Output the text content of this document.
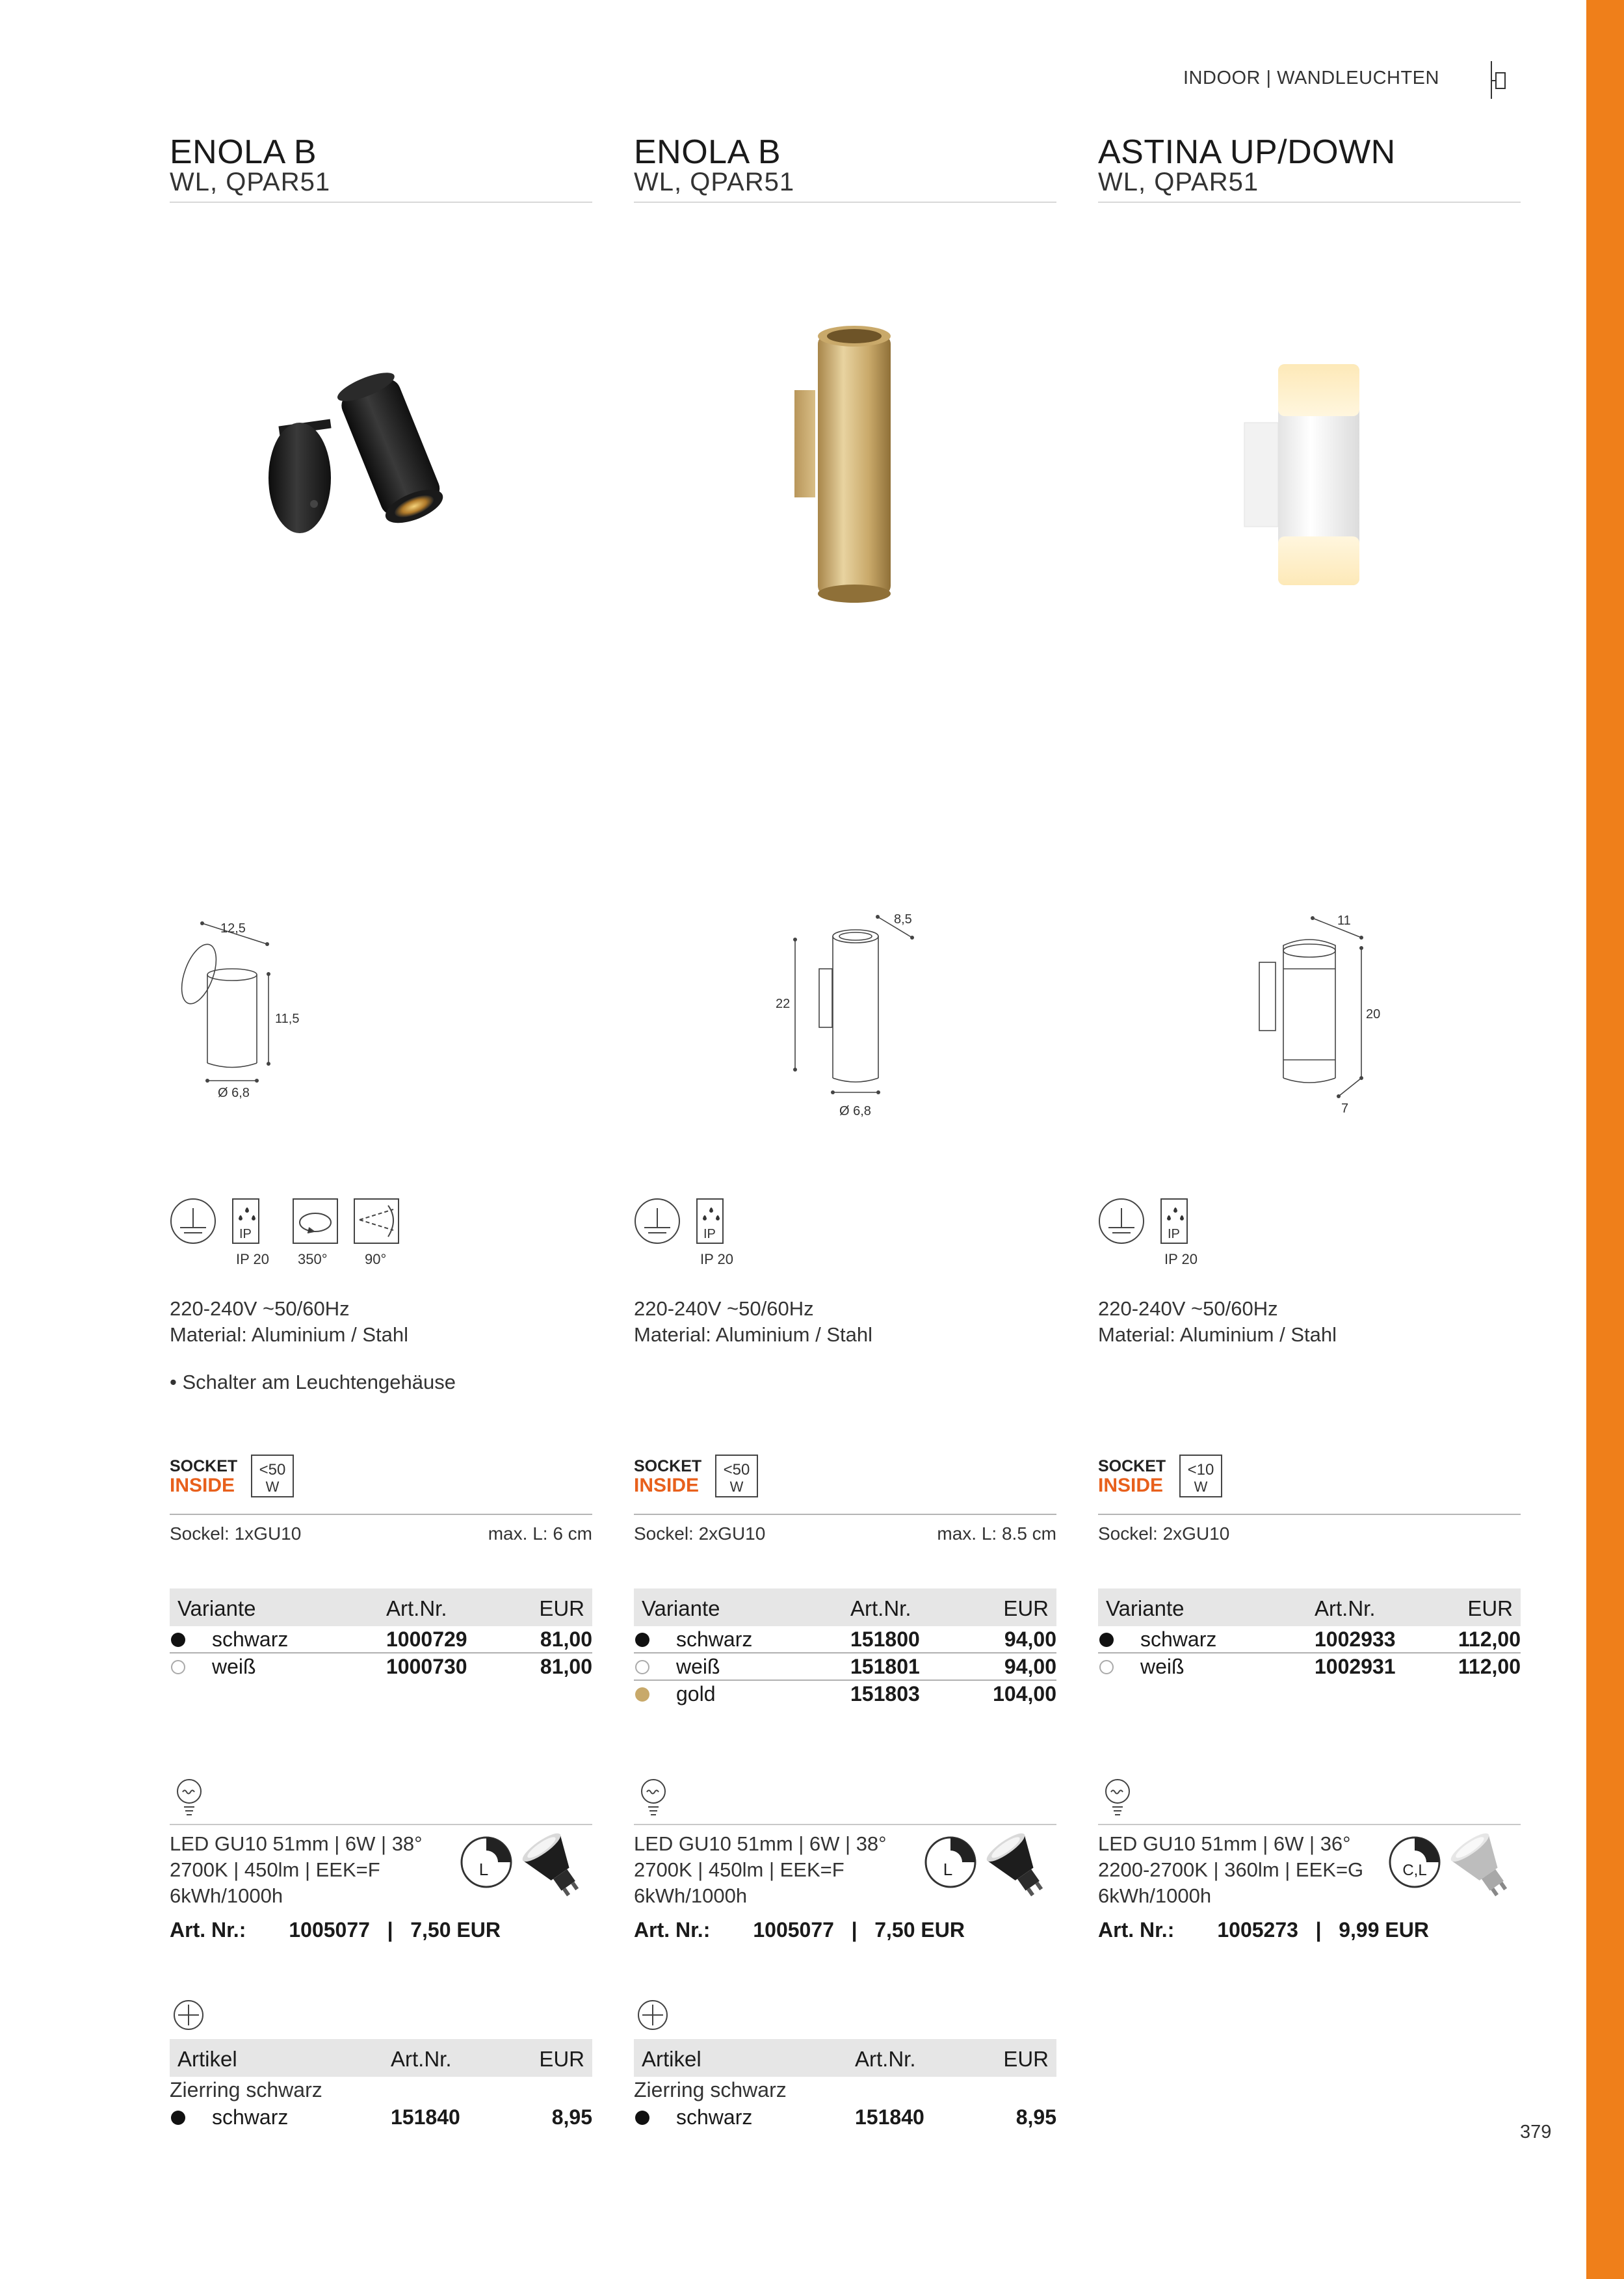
INDOOR | WANDLEUCHTEN
ENOLA B
WL, QPAR51
12,5
11,5
Ø 6,8
IP
IP 20 350°	90°
220-240V ~50/60Hz
Material: Aluminium / Stahl
• Schalter am Leuchtengehäuse
SOCKET
INSIDE
<50
W
Sockel: 1xGU10	max. L: 6 cm
Variante	Art.Nr.	EUR
schwarz	1000729	81,00
weiß	1000730	81,00
LED GU10 51mm | 6W | 38°
2700K | 450lm | EEK=F
6kWh/1000h
L
Art. Nr.: 1005077   |   7,50 EUR
Artikel	Art.Nr.	EUR
Zierring schwarz
schwarz	151840	8,95
ENOLA B
WL, QPAR51
8,5
22
Ø 6,8
IP
IP 20
220-240V ~50/60Hz
Material: Aluminium / Stahl
SOCKET
INSIDE
<50
W
Sockel: 2xGU10	max. L: 8.5 cm
Variante	Art.Nr.	EUR
schwarz	151800	94,00
weiß	151801	94,00
gold	151803	104,00
LED GU10 51mm | 6W | 38°
2700K | 450lm | EEK=F
6kWh/1000h
L
Art. Nr.: 1005077   |   7,50 EUR
Artikel	Art.Nr.	EUR
Zierring schwarz
schwarz	151840	8,95
ASTINA UP/DOWN
WL, QPAR51
11
20
7
IP
IP 20
220-240V ~50/60Hz
Material: Aluminium / Stahl
SOCKET
INSIDE
<10
W
Sockel: 2xGU10
Variante	Art.Nr.	EUR
schwarz	1002933	112,00
weiß	1002931	112,00
LED GU10 51mm | 6W | 36°
2200-2700K | 360lm | EEK=G
6kWh/1000h
C,L
Art. Nr.: 1005273   |   9,99 EUR
379
